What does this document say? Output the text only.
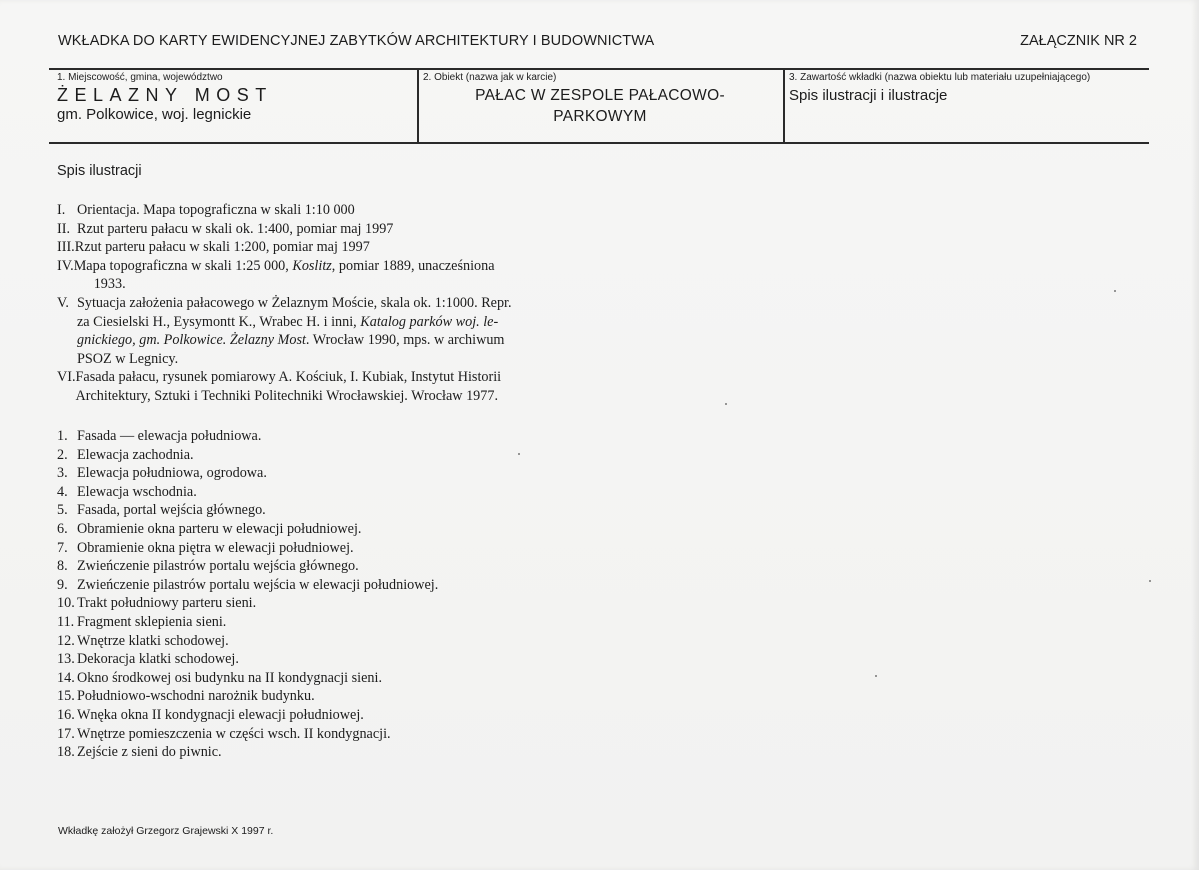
WKŁADKA DO KARTY EWIDENCYJNEJ ZABYTKÓW ARCHITEKTURY I BUDOWNICTWA	ZAŁĄCZNIK NR 2
1. Miejscowość, gmina, województwo
ŻELAZNY MOST
gm. Polkowice, woj. legnickie
2. Obiekt (nazwa jak w karcie)
PAŁAC W ZESPOLE PAŁACOWO-
PARKOWYM
3. Zawartość wkładki (nazwa obiektu lub materiału uzupełniającego)
Spis ilustracji i ilustracje
Spis ilustracji
I. Orientacja. Mapa topograficzna w skali 1:10 000
II. Rzut parteru pałacu w skali ok. 1:400, pomiar maj 1997
III. Rzut parteru pałacu w skali 1:200, pomiar maj 1997
IV. Mapa topograficzna w skali 1:25 000, Koslitz, pomiar 1889, unacześniona
1933.
V. Sytuacja założenia pałacowego w Żelaznym Moście, skala ok. 1:1000. Repr.
za Ciesielski H., Eysymontt K., Wrabec H. i inni, Katalog parków woj. le-
gnickiego, gm. Polkowice. Żelazny Most. Wrocław 1990, mps. w archiwum
PSOZ w Legnicy.
VI. Fasada pałacu, rysunek pomiarowy A. Kościuk, I. Kubiak, Instytut Historii
Architektury, Sztuki i Techniki Politechniki Wrocławskiej. Wrocław 1977.
1. Fasada — elewacja południowa.
2. Elewacja zachodnia.
3. Elewacja południowa, ogrodowa.
4. Elewacja wschodnia.
5. Fasada, portal wejścia głównego.
6. Obramienie okna parteru w elewacji południowej.
7. Obramienie okna piętra w elewacji południowej.
8. Zwieńczenie pilastrów portalu wejścia głównego.
9. Zwieńczenie pilastrów portalu wejścia w elewacji południowej.
10. Trakt południowy parteru sieni.
11. Fragment sklepienia sieni.
12. Wnętrze klatki schodowej.
13. Dekoracja klatki schodowej.
14. Okno środkowej osi budynku na II kondygnacji sieni.
15. Południowo-wschodni narożnik budynku.
16. Wnęka okna II kondygnacji elewacji południowej.
17. Wnętrze pomieszczenia w części wsch. II kondygnacji.
18. Zejście z sieni do piwnic.
Wkładkę założył Grzegorz Grajewski X 1997 r.
